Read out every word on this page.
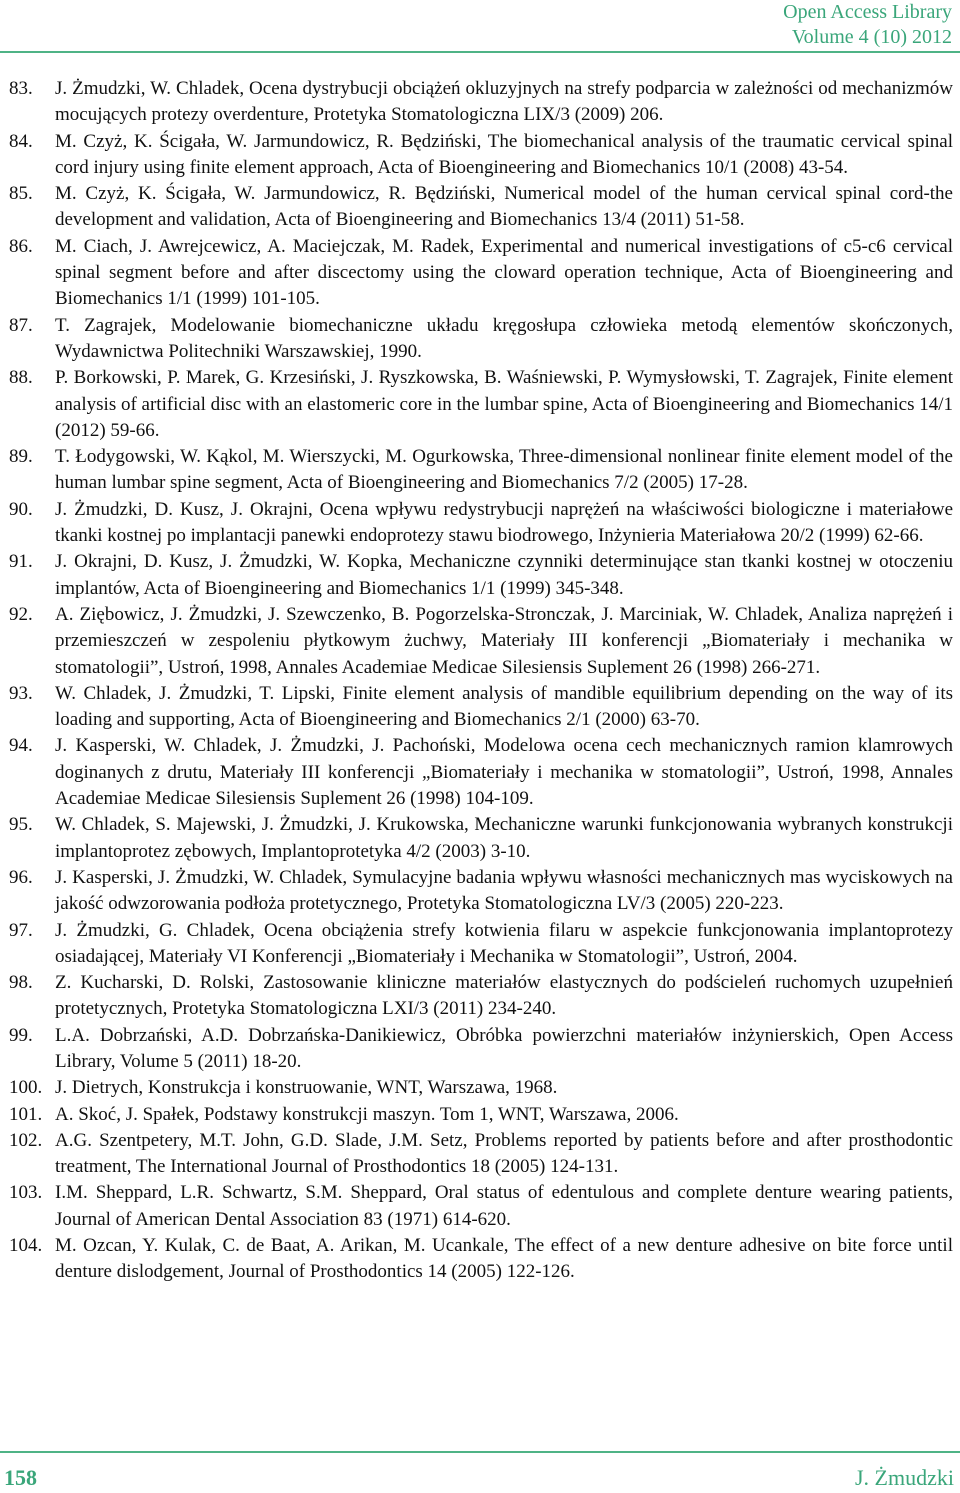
Open Access Library
Volume 4 (10) 2012
83. J. Żmudzki, W. Chladek, Ocena dystrybucji obciążeń okluzyjnych na strefy podparcia w zależności od mechanizmów mocujących protezy overdenture, Protetyka Stomatologiczna LIX/3 (2009) 206.
84. M. Czyż, K. Ścigała, W. Jarmundowicz, R. Będziński, The biomechanical analysis of the traumatic cervical spinal cord injury using finite element approach, Acta of Bioengineering and Biomechanics 10/1 (2008) 43-54.
85. M. Czyż, K. Ścigała, W. Jarmundowicz, R. Będziński, Numerical model of the human cervical spinal cord-the development and validation, Acta of Bioengineering and Biomechanics 13/4 (2011) 51-58.
86. M. Ciach, J. Awrejcewicz, A. Maciejczak, M. Radek, Experimental and numerical investigations of c5-c6 cervical spinal segment before and after discectomy using the cloward operation technique, Acta of Bioengineering and Biomechanics 1/1 (1999) 101-105.
87. T. Zagrajek, Modelowanie biomechaniczne układu kręgosłupa człowieka metodą elementów skończonych, Wydawnictwa Politechniki Warszawskiej, 1990.
88. P. Borkowski, P. Marek, G. Krzesiński, J. Ryszkowska, B. Waśniewski, P. Wymysłowski, T. Zagrajek, Finite element analysis of artificial disc with an elastomeric core in the lumbar spine, Acta of Bioengineering and Biomechanics 14/1 (2012) 59-66.
89. T. Łodygowski, W. Kąkol, M. Wierszycki, M. Ogurkowska, Three-dimensional nonlinear finite element model of the human lumbar spine segment, Acta of Bioengineering and Biomechanics 7/2 (2005) 17-28.
90. J. Żmudzki, D. Kusz, J. Okrajni, Ocena wpływu redystrybucji naprężeń na właściwości biologiczne i materiałowe tkanki kostnej po implantacji panewki endoprotezy stawu biodrowego, Inżynieria Materiałowa 20/2 (1999) 62-66.
91. J. Okrajni, D. Kusz, J. Żmudzki, W. Kopka, Mechaniczne czynniki determinujące stan tkanki kostnej w otoczeniu implantów, Acta of Bioengineering and Biomechanics 1/1 (1999) 345-348.
92. A. Ziębowicz, J. Żmudzki, J. Szewczenko, B. Pogorzelska-Stronczak, J. Marciniak, W. Chladek, Analiza naprężeń i przemieszczeń w zespoleniu płytkowym żuchwy, Materiały III konferencji „Biomateriały i mechanika w stomatologii”, Ustroń, 1998, Annales Academiae Medicae Silesiensis Suplement 26 (1998) 266-271.
93. W. Chladek, J. Żmudzki, T. Lipski, Finite element analysis of mandible equilibrium depending on the way of its loading and supporting, Acta of Bioengineering and Biomechanics 2/1 (2000) 63-70.
94. J. Kasperski, W. Chladek, J. Żmudzki, J. Pachoński, Modelowa ocena cech mechanicznych ramion klamrowych doginanych z drutu, Materiały III konferencji „Biomateriały i mechanika w stomatologii”, Ustroń, 1998, Annales Academiae Medicae Silesiensis Suplement 26 (1998) 104-109.
95. W. Chladek, S. Majewski, J. Żmudzki, J. Krukowska, Mechaniczne warunki funkcjonowania wybranych konstrukcji implantoprotez zębowych, Implantoprotetyka 4/2 (2003) 3-10.
96. J. Kasperski, J. Żmudzki, W. Chladek, Symulacyjne badania wpływu własności mechanicznych mas wyciskowych na jakość odwzorowania podłoża protetycznego, Protetyka Stomatologiczna LV/3 (2005) 220-223.
97. J. Żmudzki, G. Chladek, Ocena obciążenia strefy kotwienia filaru w aspekcie funkcjonowania implantoprotezy osiadającej, Materiały VI Konferencji „Biomateriały i Mechanika w Stomatologii”, Ustroń, 2004.
98. Z. Kucharski, D. Rolski, Zastosowanie kliniczne materiałów elastycznych do podścieleń ruchomych uzupełnień protetycznych, Protetyka Stomatologiczna LXI/3 (2011) 234-240.
99. L.A. Dobrzański, A.D. Dobrzańska-Danikiewicz, Obróbka powierzchni materiałów inżynierskich, Open Access Library, Volume 5 (2011) 18-20.
100. J. Dietrych, Konstrukcja i konstruowanie, WNT, Warszawa, 1968.
101. A. Skoć, J. Spałek, Podstawy konstrukcji maszyn. Tom 1, WNT, Warszawa, 2006.
102. A.G. Szentpetery, M.T. John, G.D. Slade, J.M. Setz, Problems reported by patients before and after prosthodontic treatment, The International Journal of Prosthodontics 18 (2005) 124-131.
103. I.M. Sheppard, L.R. Schwartz, S.M. Sheppard, Oral status of edentulous and complete denture wearing patients, Journal of American Dental Association 83 (1971) 614-620.
104. M. Ozcan, Y. Kulak, C. de Baat, A. Arikan, M. Ucankale, The effect of a new denture adhesive on bite force until denture dislodgement, Journal of Prosthodontics 14 (2005) 122-126.
158	J. Żmudzki
